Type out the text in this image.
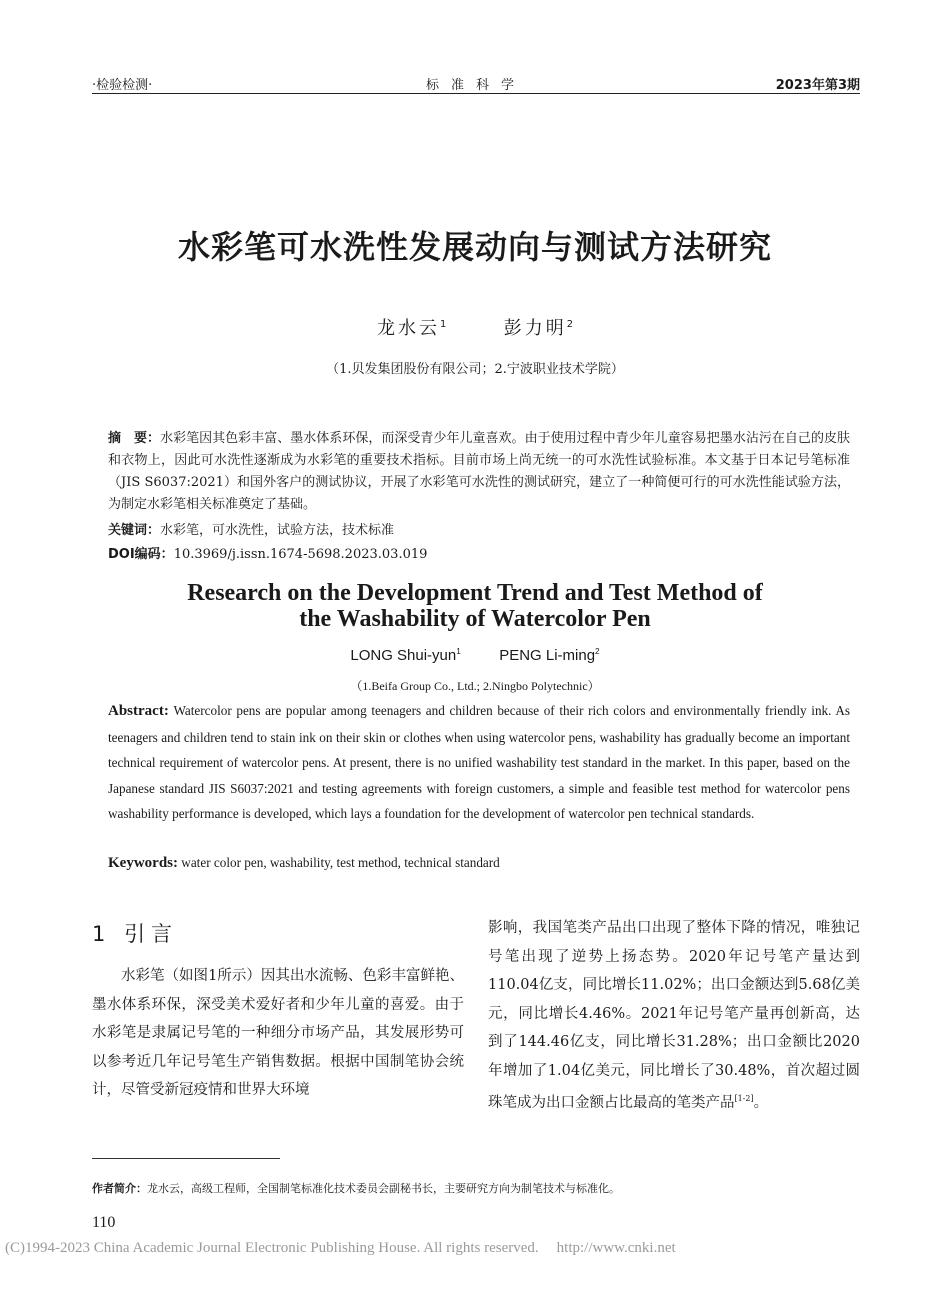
·检验检测·	标准科学	2023年第3期
水彩笔可水洗性发展动向与测试方法研究
龙水云$^1$	彭力明$^2$
（1.贝发集团股份有限公司；2.宁波职业技术学院）
摘　要：水彩笔因其色彩丰富、墨水体系环保，而深受青少年儿童喜欢。由于使用过程中青少年儿童容易把墨水沾污在自己的皮肤和衣物上，因此可水洗性逐渐成为水彩笔的重要技术指标。目前市场上尚无统一的可水洗性试验标准。本文基于日本记号笔标准（JIS S6037:2021）和国外客户的测试协议，开展了水彩笔可水洗性的测试研究，建立了一种简便可行的可水洗性能试验方法，为制定水彩笔相关标准奠定了基础。
关键词：水彩笔，可水洗性，试验方法，技术标准
DOI编码：10.3969/j.issn.1674-5698.2023.03.019
Research on the Development Trend and Test Method of
the Washability of Watercolor Pen
LONG Shui-yun$^1$	PENG Li-ming$^2$
（1.Beifa Group Co., Ltd.; 2.Ningbo Polytechnic）
Abstract: Watercolor pens are popular among teenagers and children because of their rich colors and environmentally friendly ink. As teenagers and children tend to stain ink on their skin or clothes when using watercolor pens, washability has gradually become an important technical requirement of watercolor pens. At present, there is no unified washability test standard in the market. In this paper, based on the Japanese standard JIS S6037:2021 and testing agreements with foreign customers, a simple and feasible test method for watercolor pens washability performance is developed, which lays a foundation for the development of watercolor pen technical standards.
Keywords: water color pen, washability, test method, technical standard
1 引言

水彩笔（如图1所示）因其出水流畅、色彩丰富鲜艳、墨水体系环保，深受美术爱好者和少年儿童的喜爱。由于水彩笔是隶属记号笔的一种细分市场产品，其发展形势可以参考近几年记号笔生产销售数据。根据中国制笔协会统计，尽管受新冠疫情和世界大环境

影响，我国笔类产品出口出现了整体下降的情况，唯独记号笔出现了逆势上扬态势。2020年记号笔产量达到110.04亿支，同比增长11.02%；出口金额达到5.68亿美元，同比增长4.46%。2021年记号笔产量再创新高，达到了144.46亿支，同比增长31.28%；出口金额比2020年增加了1.04亿美元，同比增长了30.48%，首次超过圆珠笔成为出口金额占比最高的笔类产品[1-2]。

作者简介：龙水云，高级工程师，全国制笔标准化技术委员会副秘书长，主要研究方向为制笔技术与标准化。
110
(C)1994-2023 China Academic Journal Electronic Publishing House. All rights reserved. http://www.cnki.net
